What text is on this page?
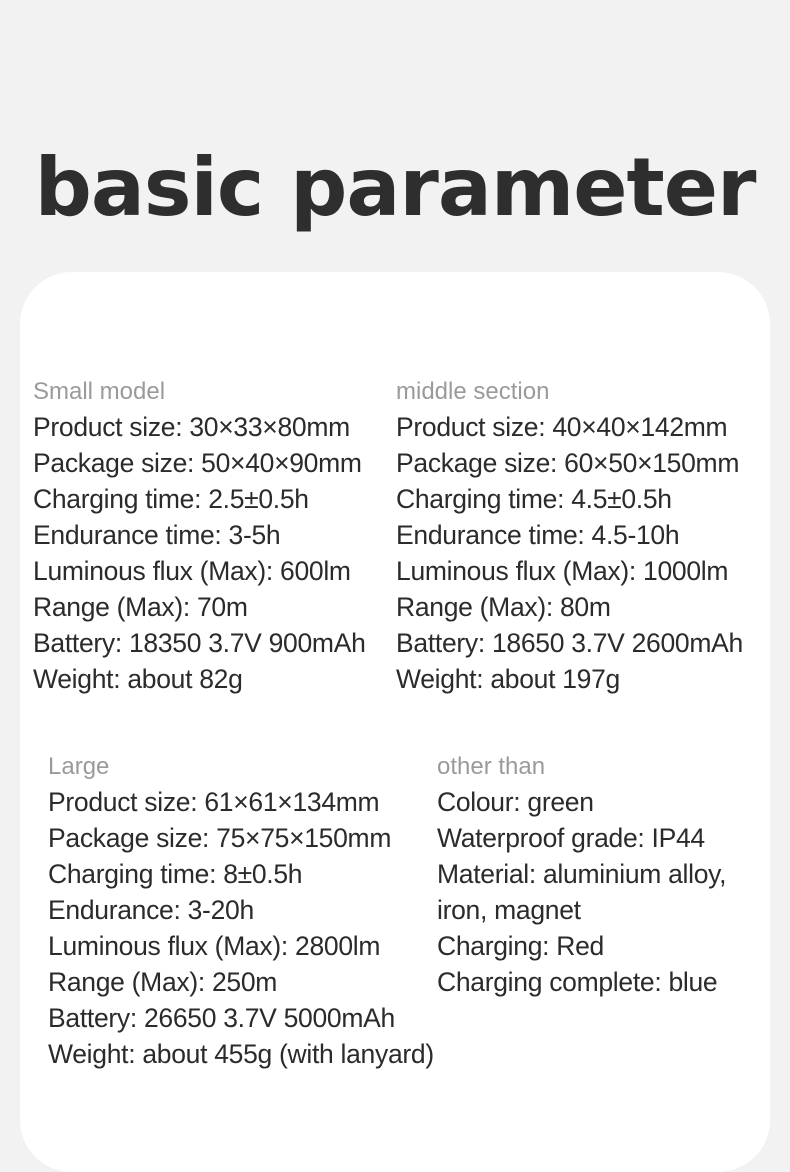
basic parameter

Small model

Product size: 30×33×80mm
Package size: 50×40×90mm
Charging time: 2.5±0.5h
Endurance time: 3-5h
Luminous flux (Max): 600lm
Range (Max): 70m
Battery: 18350 3.7V 900mAh
Weight: about 82g

middle section

Product size: 40×40×142mm
Package size: 60×50×150mm
Charging time: 4.5±0.5h
Endurance time: 4.5-10h
Luminous flux (Max): 1000lm
Range (Max): 80m
Battery: 18650 3.7V 2600mAh
Weight: about 197g

Large

Product size: 61×61×134mm
Package size: 75×75×150mm
Charging time: 8±0.5h
Endurance: 3-20h
Luminous flux (Max): 2800lm
Range (Max): 250m
Battery: 26650 3.7V 5000mAh
Weight: about 455g (with lanyard)

other than

Colour: green
Waterproof grade: IP44
Material: aluminium alloy,
iron, magnet
Charging: Red
Charging complete: blue
